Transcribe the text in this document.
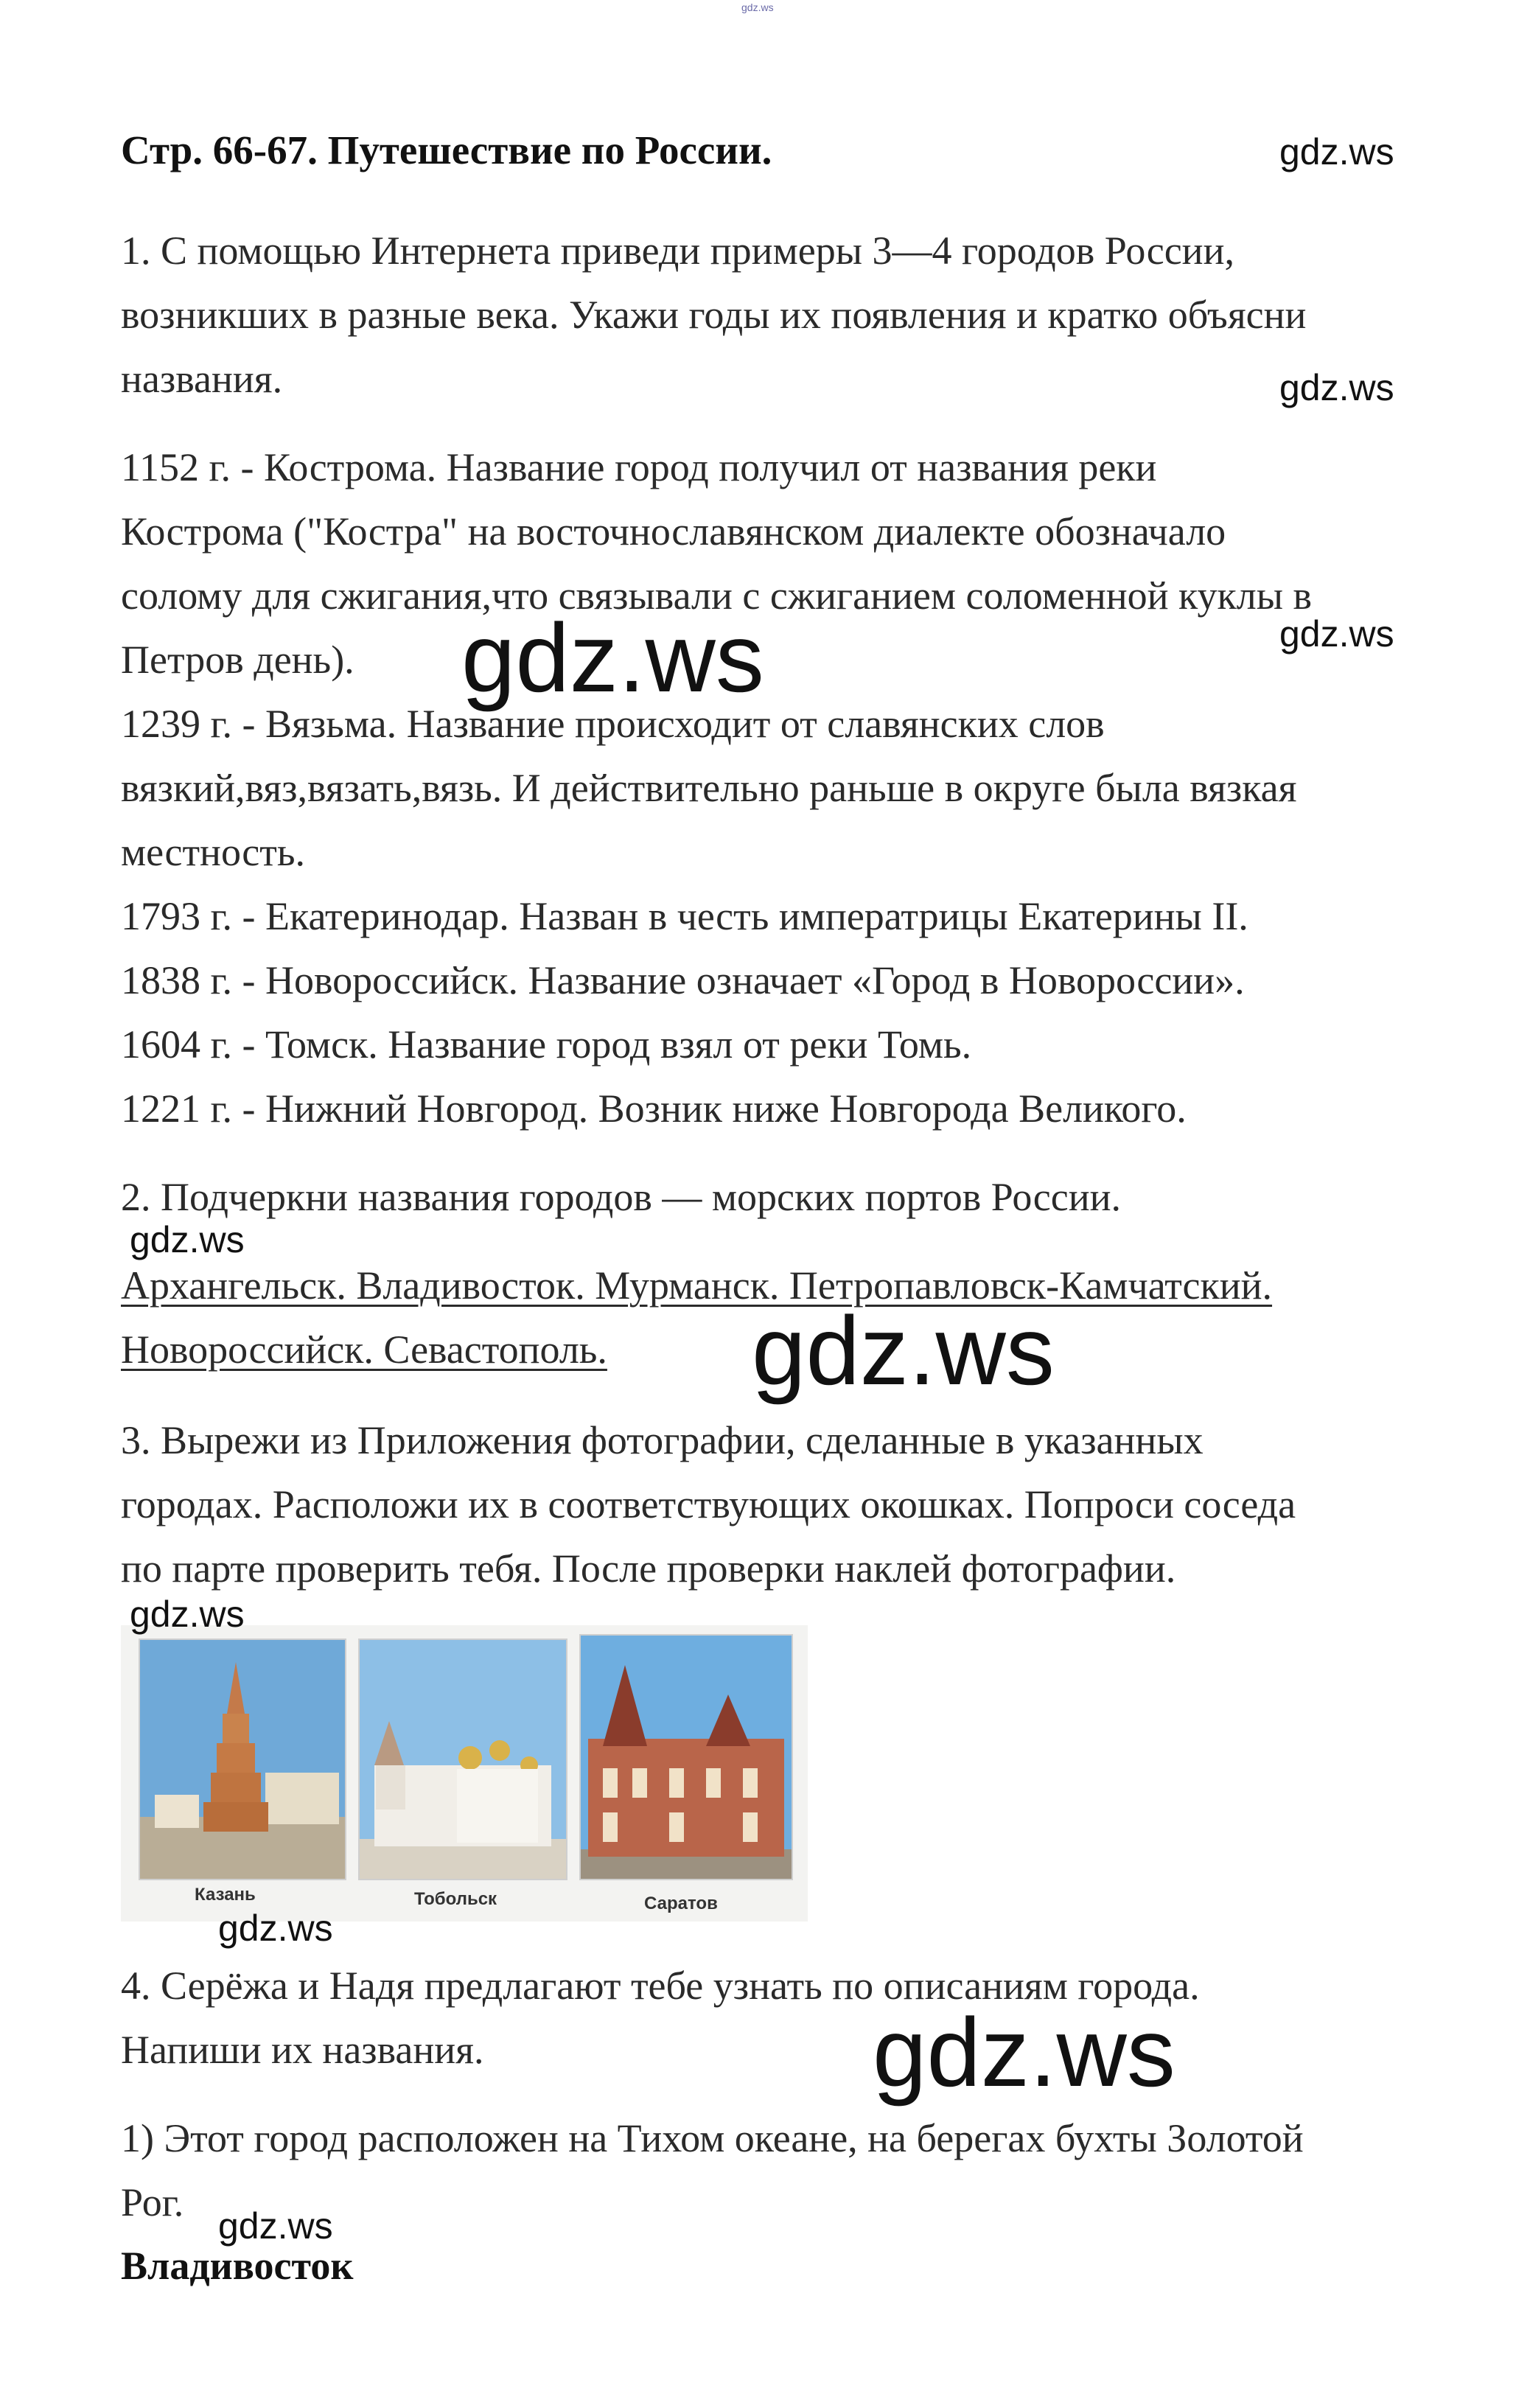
gdz.ws
Стр. 66-67. Путешествие по России.
1. С помощью Интернета приведи примеры 3—4 городов России,
возникших в разные века. Укажи годы их появления и кратко объясни
названия.
1152 г. - Кострома. Название город получил от названия реки
Кострома ("Костра" на восточнославянском диалекте обозначало
солому для сжигания,что связывали с сжиганием соломенной куклы в
Петров день).
1239 г. - Вязьма. Название происходит от славянских слов
вязкий,вяз,вязать,вязь. И действительно раньше в округе была вязкая
местность.
1793 г. - Екатеринодар. Назван в честь императрицы Екатерины II.
1838 г. - Новороссийск. Название означает «Город в Новороссии».
1604 г. - Томск. Название город взял от реки Томь.
1221 г. - Нижний Новгород. Возник ниже Новгорода Великого.
2. Подчеркни названия городов — морских портов России.
Архангельск. Владивосток. Мурманск. Петропавловск-Камчатский.
Новороссийск. Севастополь.
3. Вырежи из Приложения фотографии, сделанные в указанных
городах. Расположи их в соответствующих окошках. Попроси соседа
по парте проверить тебя. После проверки наклей фотографии.
Казань	Тобольск	Саратов
4. Серёжа и Надя предлагают тебе узнать по описаниям города.
Напиши их названия.
1) Этот город расположен на Тихом океане, на берегах бухты Золотой
Рог.
Владивосток
gdz.ws
gdz.ws
gdz.ws
gdz.ws
gdz.ws
gdz.ws
gdz.ws
gdz.ws
gdz.ws
gdz.ws
